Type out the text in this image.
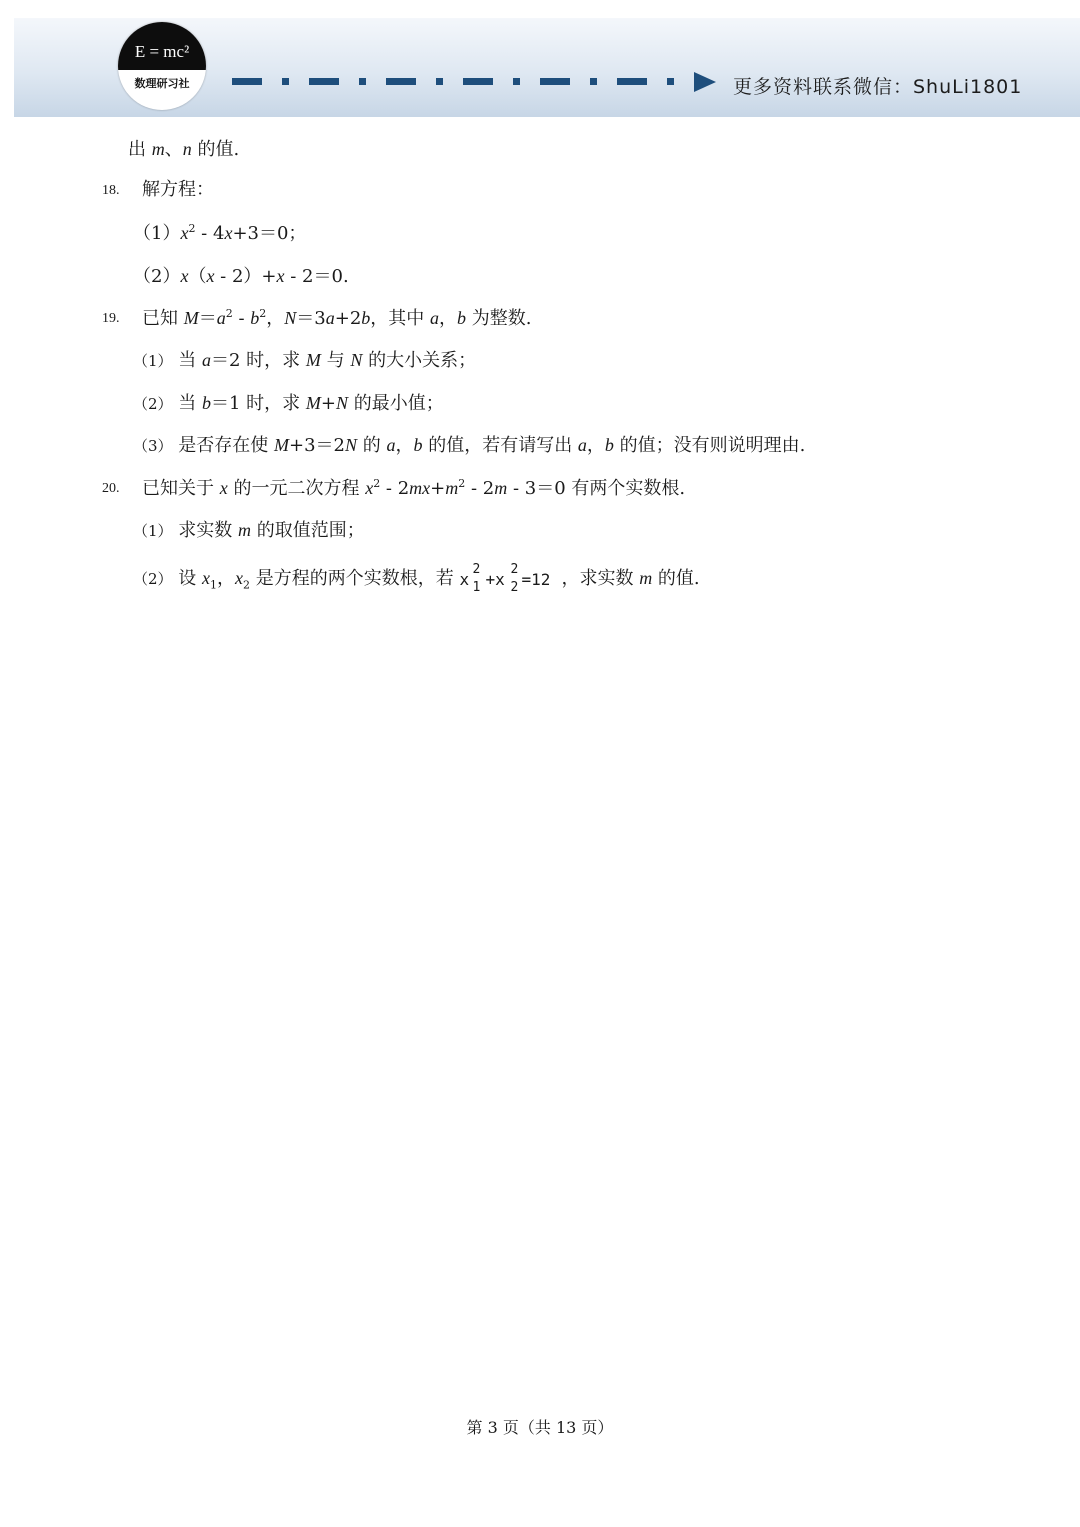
E = mc²
数理研习社	更多资料联系微信：ShuLi1801
出 m、n 的值.
18. 解方程：
$(1)x^2 - 4x+3=0$；
（2）x（x - 2）+x - 2＝0.
19. 已知 $M=a^2 - b^2$，N＝3a+2b，其中 a，b 为整数.
（1） 当 a＝2 时，求 M 与 N 的大小关系；
（2） 当 b＝1 时，求 M+N 的最小值；
（3） 是否存在使 M+3＝2N 的 a，b 的值，若有请写出 a，b 的值；没有则说明理由.
20. 已知关于 x 的一元二次方程 $x^2 - 2mx+m^2 - 2m - 3=0$ 有两个实数根.
（1） 求实数 m 的取值范围；
（2） 设 $x_1$，$x_2$ 是方程的两个实数根，若 x
2
1 +x
2
2 =12 ，求实数 m 的值.
第 3 页（共 13 页）
